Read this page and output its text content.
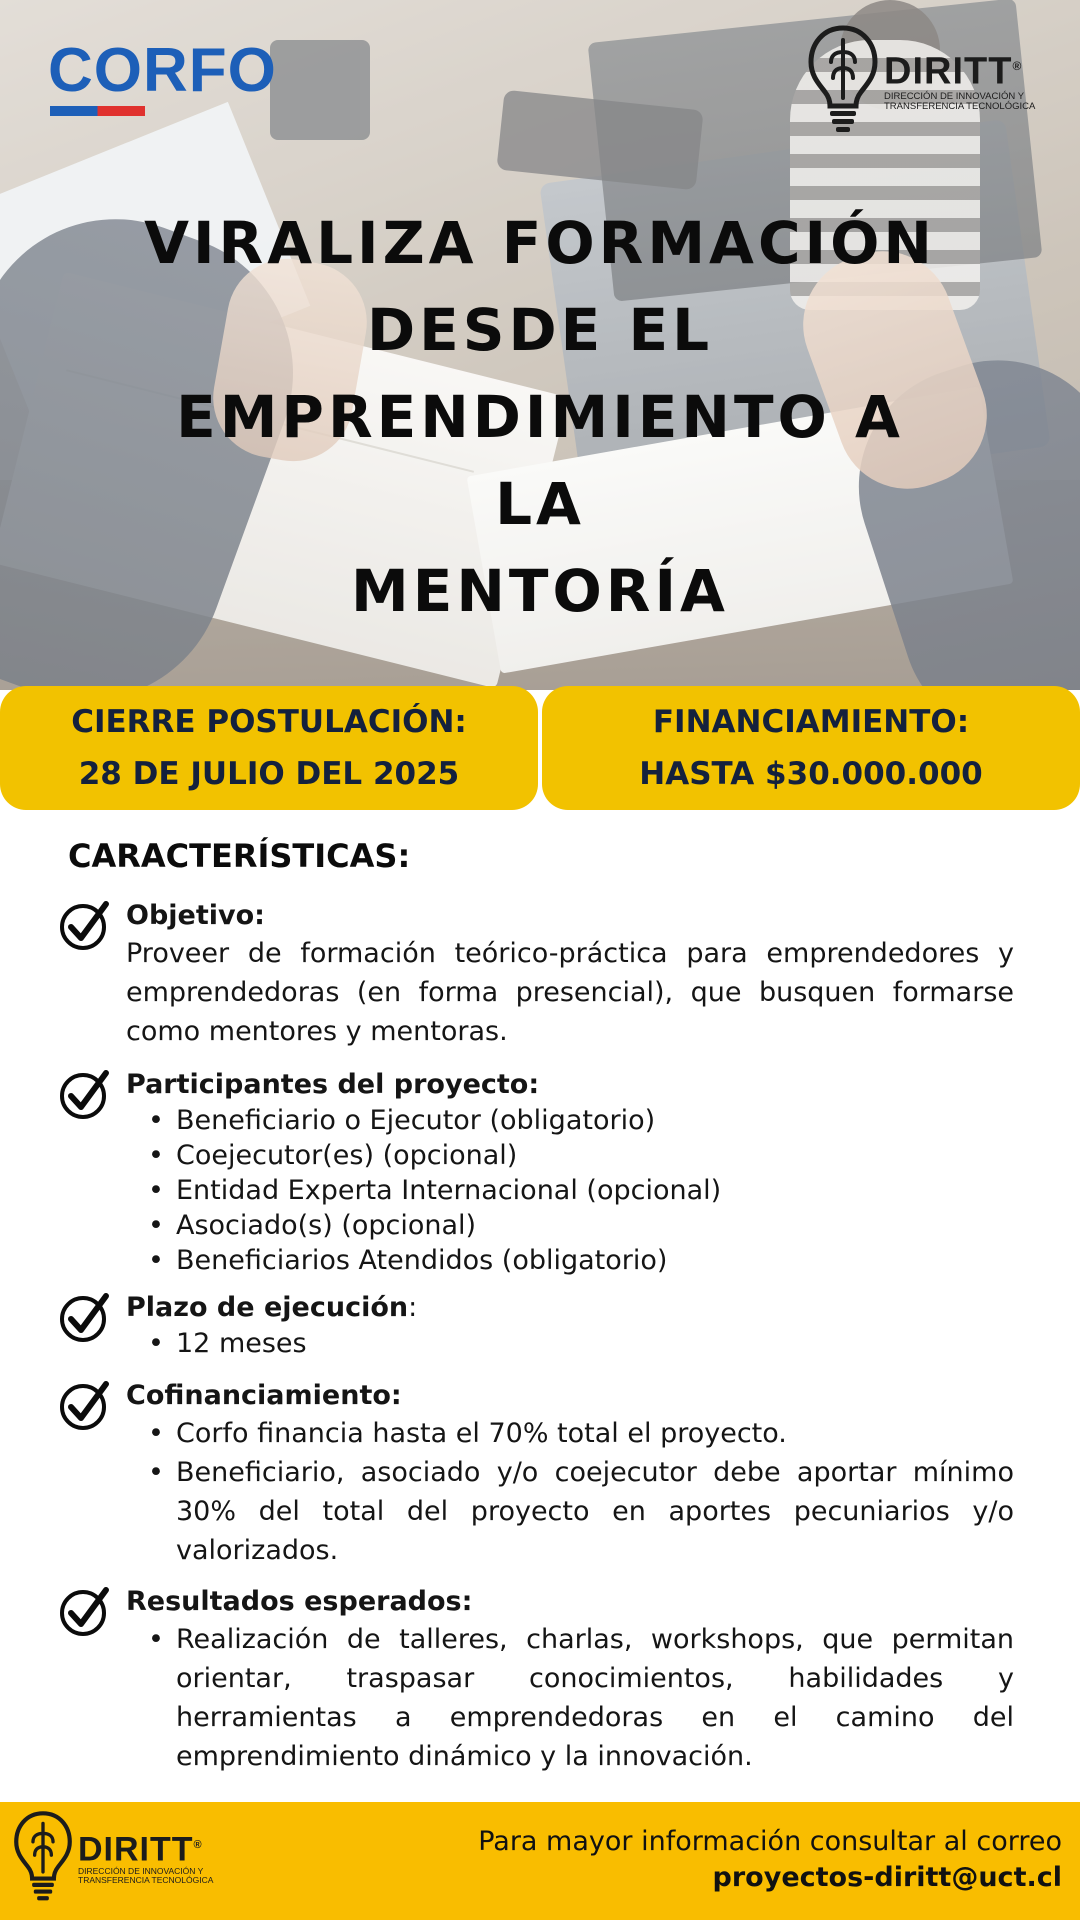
CORFO	DIRITT®
DIRECCIÓN DE INNOVACIÓN Y
TRANSFERENCIA TECNOLÓGICA
VIRALIZA FORMACIÓN
DESDE EL
EMPRENDIMIENTO A LA
MENTORÍA
CIERRE POSTULACIÓN:
28 DE JULIO DEL 2025
FINANCIAMIENTO:
HASTA $30.000.000
CARACTERÍSTICAS:
Objetivo:
Proveer de formación teórico-práctica para emprendedores y emprendedoras (en forma presencial), que busquen formarse como mentores y mentoras.
Participantes del proyecto:
• Beneficiario o Ejecutor (obligatorio)
• Coejecutor(es) (opcional)
• Entidad Experta Internacional (opcional)
• Asociado(s) (opcional)
• Beneficiarios Atendidos (obligatorio)
Plazo de ejecución:
• 12 meses
Cofinanciamiento:
• Corfo financia hasta el 70% total el proyecto.
• Beneficiario, asociado y/o coejecutor debe aportar mínimo 30% del total del proyecto en aportes pecuniarios y/o valorizados.
Resultados esperados:
• Realización de talleres, charlas, workshops, que permitan orientar, traspasar conocimientos, habilidades y herramientas a emprendedoras en el camino del emprendimiento dinámico y la innovación.
DIRITT®
DIRECCIÓN DE INNOVACIÓN Y
TRANSFERENCIA TECNOLÓGICA
Para mayor información consultar al correo
proyectos-diritt@uct.cl
